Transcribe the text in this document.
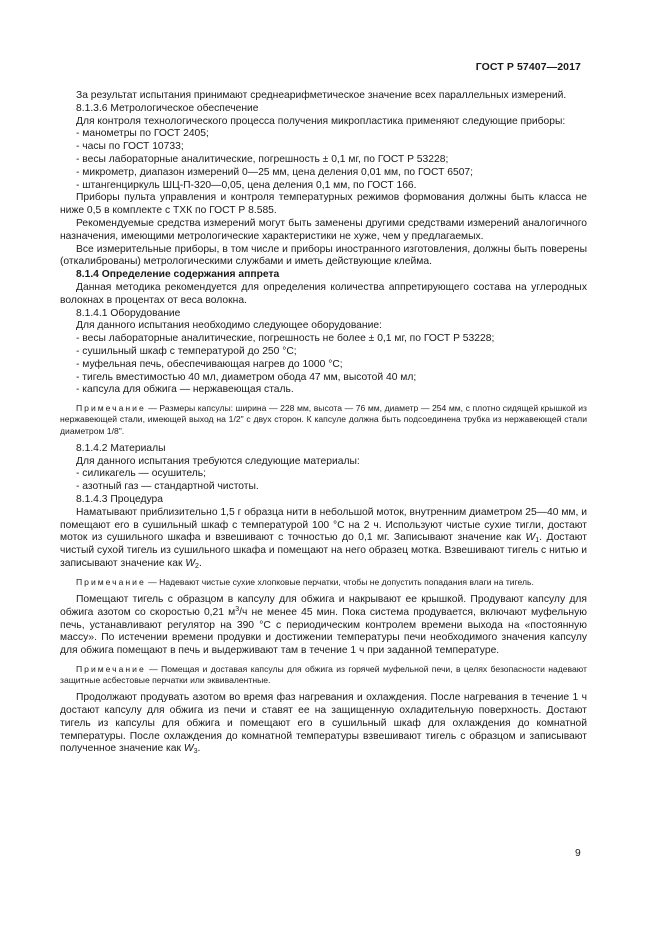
ГОСТ Р 57407—2017

За результат испытания принимают среднеарифметическое значение всех параллельных измерений.

8.1.3.6 Метрологическое обеспечение

Для контроля технологического процесса получения микропластика применяют следующие приборы:

- манометры по ГОСТ 2405;

- часы по ГОСТ 10733;

- весы лабораторные аналитические, погрешность ± 0,1 мг, по ГОСТ Р 53228;

- микрометр, диапазон измерений 0—25 мм, цена деления 0,01 мм, по ГОСТ 6507;

- штангенциркуль ШЦ-П-320—0,05, цена деления 0,1 мм, по ГОСТ 166.

Приборы пульта управления и контроля температурных режимов формования должны быть класса не ниже 0,5 в комплекте с ТХК по ГОСТ Р 8.585.

Рекомендуемые средства измерений могут быть заменены другими средствами измерений аналогичного назначения, имеющими метрологические характеристики не хуже, чем у предлагаемых.

Все измерительные приборы, в том числе и приборы иностранного изготовления, должны быть поверены (откалиброваны) метрологическими службами и иметь действующие клейма.

8.1.4 Определение содержания аппрета

Данная методика рекомендуется для определения количества аппретирующего состава на углеродных волокнах в процентах от веса волокна.

8.1.4.1 Оборудование

Для данного испытания необходимо следующее оборудование:

- весы лабораторные аналитические, погрешность не более ± 0,1 мг, по ГОСТ Р 53228;

- сушильный шкаф с температурой до 250 °С;

- муфельная печь, обеспечивающая нагрев до 1000 °С;

- тигель вместимостью 40 мл, диаметром обода 47 мм, высотой 40 мл;

- капсула для обжига — нержавеющая сталь.

Примечание — Размеры капсулы: ширина — 228 мм, высота — 76 мм, диаметр — 254 мм, с плотно сидящей крышкой из нержавеющей стали, имеющей выход на 1/2" с двух сторон. К капсуле должна быть подсоединена трубка из нержавеющей стали диаметром 1/8".

8.1.4.2 Материалы

Для данного испытания требуются следующие материалы:

- силикагель — осушитель;

- азотный газ — стандартной чистоты.

8.1.4.3 Процедура

Наматывают приблизительно 1,5 г образца нити в небольшой моток, внутренним диаметром 25—40 мм, и помещают его в сушильный шкаф с температурой 100 °С на 2 ч. Используют чистые сухие тигли, достают моток из сушильного шкафа и взвешивают с точностью до 0,1 мг. Записывают значение как $W_1$. Достают чистый сухой тигель из сушильного шкафа и помещают на него образец мотка. Взвешивают тигель с нитью и записывают значение как $W_2$.

Примечание — Надевают чистые сухие хлопковые перчатки, чтобы не допустить попадания влаги на тигель.

Помещают тигель с образцом в капсулу для обжига и накрывают ее крышкой. Продувают капсулу для обжига азотом со скоростью 0,21 $м^3/ч$ не менее 45 мин. Пока система продувается, включают муфельную печь, устанавливают регулятор на 390 °С с периодическим контролем времени выхода на «постоянную массу». По истечении времени продувки и достижении температуры печи необходимого значения капсулу для обжига помещают в печь и выдерживают там в течение 1 ч при заданной температуре.

Примечание — Помещая и доставая капсулы для обжига из горячей муфельной печи, в целях безопасности надевают защитные асбестовые перчатки или эквивалентные.

Продолжают продувать азотом во время фаз нагревания и охлаждения. После нагревания в течение 1 ч достают капсулу для обжига из печи и ставят ее на защищенную охладительную поверхность. Достают тигель из капсулы для обжига и помещают его в сушильный шкаф для охлаждения до комнатной температуры. После охлаждения до комнатной температуры взвешивают тигель с образцом и записывают полученное значение как $W_3$.

9
